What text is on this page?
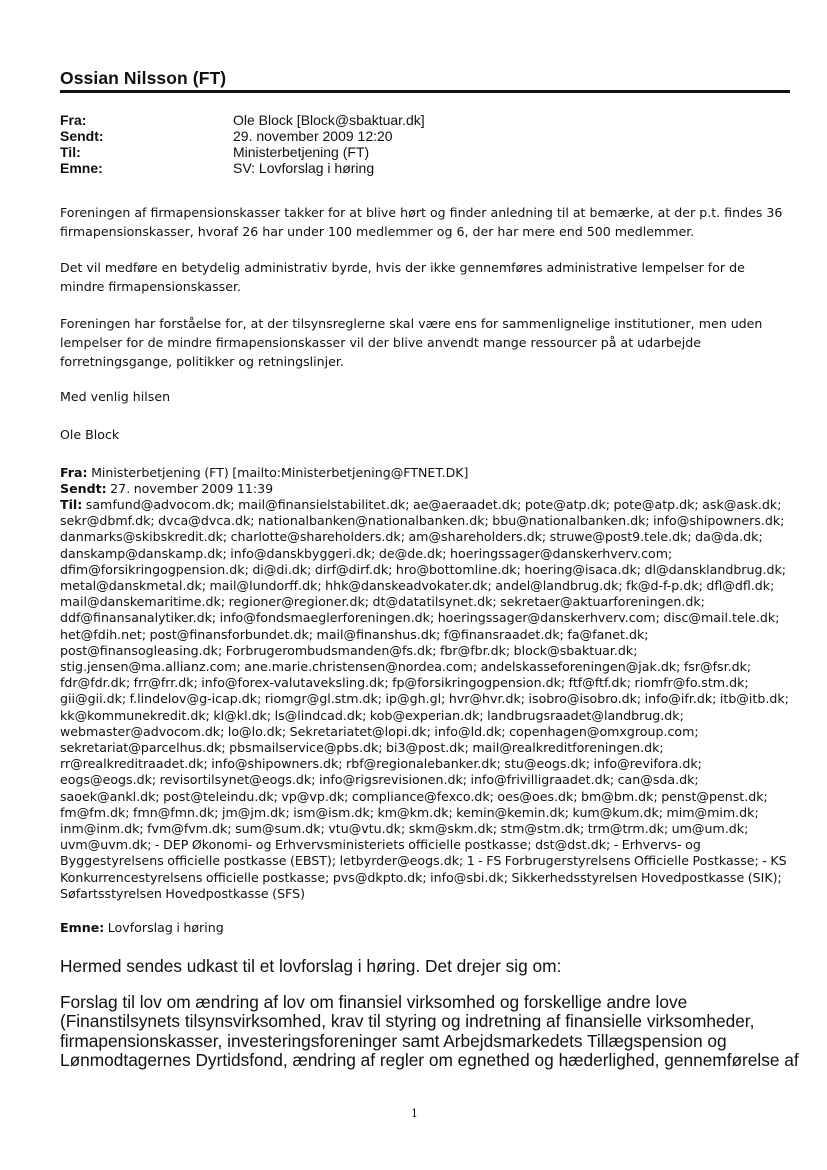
Ossian Nilsson (FT)
Fra:	Ole Block [Block@sbaktuar.dk]
Sendt:	29. november 2009 12:20
Til:	Ministerbetjening (FT)
Emne:	SV: Lovforslag i høring
Foreningen af firmapensionskasser takker for at blive hørt og finder anledning til at bemærke, at der p.t. findes 36 firmapensionskasser, hvoraf 26 har under 100 medlemmer og 6, der har mere end 500 medlemmer.
Det vil medføre en betydelig administrativ byrde, hvis der ikke gennemføres administrative lempelser for de mindre firmapensionskasser.
Foreningen har forståelse for, at der tilsynsreglerne skal være ens for sammenlignelige institutioner, men uden lempelser for de mindre firmapensionskasser vil der blive anvendt mange ressourcer på at udarbejde forretningsgange, politikker og retningslinjer.
Med venlig hilsen
Ole Block
Fra: Ministerbetjening (FT) [mailto:Ministerbetjening@FTNET.DK]
Sendt: 27. november 2009 11:39
Til: samfund@advocom.dk; mail@finansielstabilitet.dk; ae@aeraadet.dk; pote@atp.dk; pote@atp.dk; ask@ask.dk; sekr@dbmf.dk; dvca@dvca.dk; nationalbanken@nationalbanken.dk; bbu@nationalbanken.dk; info@shipowners.dk; danmarks@skibskredit.dk; charlotte@shareholders.dk; am@shareholders.dk; struwe@post9.tele.dk; da@da.dk; danskamp@danskamp.dk; info@danskbyggeri.dk; de@de.dk; hoeringssager@danskerhverv.com; dfim@forsikringogpension.dk; di@di.dk; dirf@dirf.dk; hro@bottomline.dk; hoering@isaca.dk; dl@dansklandbrug.dk; metal@danskmetal.dk; mail@lundorff.dk; hhk@danskeadvokater.dk; andel@landbrug.dk; fk@d-f-p.dk; dfl@dfl.dk; mail@danskemaritime.dk; regioner@regioner.dk; dt@datatilsynet.dk; sekretaer@aktuarforeningen.dk; ddf@finansanalytiker.dk; info@fondsmaeglerforeningen.dk; hoeringssager@danskerhverv.com; disc@mail.tele.dk; het@fdih.net; post@finansforbundet.dk; mail@finanshus.dk; f@finansraadet.dk; fa@fanet.dk; post@finansogleasing.dk; Forbrugerombudsmanden@fs.dk; fbr@fbr.dk; block@sbaktuar.dk; stig.jensen@ma.allianz.com; ane.marie.christensen@nordea.com; andelskasseforeningen@jak.dk; fsr@fsr.dk; fdr@fdr.dk; frr@frr.dk; info@forex-valutaveksling.dk; fp@forsikringogpension.dk; ftf@ftf.dk; riomfr@fo.stm.dk; gii@gii.dk; f.lindelov@g-icap.dk; riomgr@gl.stm.dk; ip@gh.gl; hvr@hvr.dk; isobro@isobro.dk; info@ifr.dk; itb@itb.dk; kk@kommunekredit.dk; kl@kl.dk; ls@lindcad.dk; kob@experian.dk; landbrugsraadet@landbrug.dk; webmaster@advocom.dk; lo@lo.dk; Sekretariatet@lopi.dk; info@ld.dk; copenhagen@omxgroup.com; sekretariat@parcelhus.dk; pbsmailservice@pbs.dk; bi3@post.dk; mail@realkreditforeningen.dk; rr@realkreditraadet.dk; info@shipowners.dk; rbf@regionalebanker.dk; stu@eogs.dk; info@revifora.dk; eogs@eogs.dk; revisortilsynet@eogs.dk; info@rigsrevisionen.dk; info@frivilligraadet.dk; can@sda.dk; saoek@ankl.dk; post@teleindu.dk; vp@vp.dk; compliance@fexco.dk; oes@oes.dk; bm@bm.dk; penst@penst.dk; fm@fm.dk; fmn@fmn.dk; jm@jm.dk; ism@ism.dk; km@km.dk; kemin@kemin.dk; kum@kum.dk; mim@mim.dk; inm@inm.dk; fvm@fvm.dk; sum@sum.dk; vtu@vtu.dk; skm@skm.dk; stm@stm.dk; trm@trm.dk; um@um.dk; uvm@uvm.dk; - DEP Økonomi- og Erhvervsministeriets officielle postkasse; dst@dst.dk; - Erhvervs- og Byggestyrelsens officielle postkasse (EBST); letbyrder@eogs.dk; 1 - FS Forbrugerstyrelsens Officielle Postkasse; - KS Konkurrencestyrelsens officielle postkasse; pvs@dkpto.dk; info@sbi.dk; Sikkerhedsstyrelsen Hovedpostkasse (SIK); Søfartsstyrelsen Hovedpostkasse (SFS)
Emne: Lovforslag i høring
Hermed sendes udkast til et lovforslag i høring. Det drejer sig om:
Forslag til lov om ændring af lov om finansiel virksomhed og forskellige andre love (Finanstilsynets tilsynsvirksomhed, krav til styring og indretning af finansielle virksomheder, firmapensionskasser, investeringsforeninger samt Arbejdsmarkedets Tillægspension og Lønmodtagernes Dyrtidsfond, ændring af regler om egnethed og hæderlighed, gennemførelse af
1
